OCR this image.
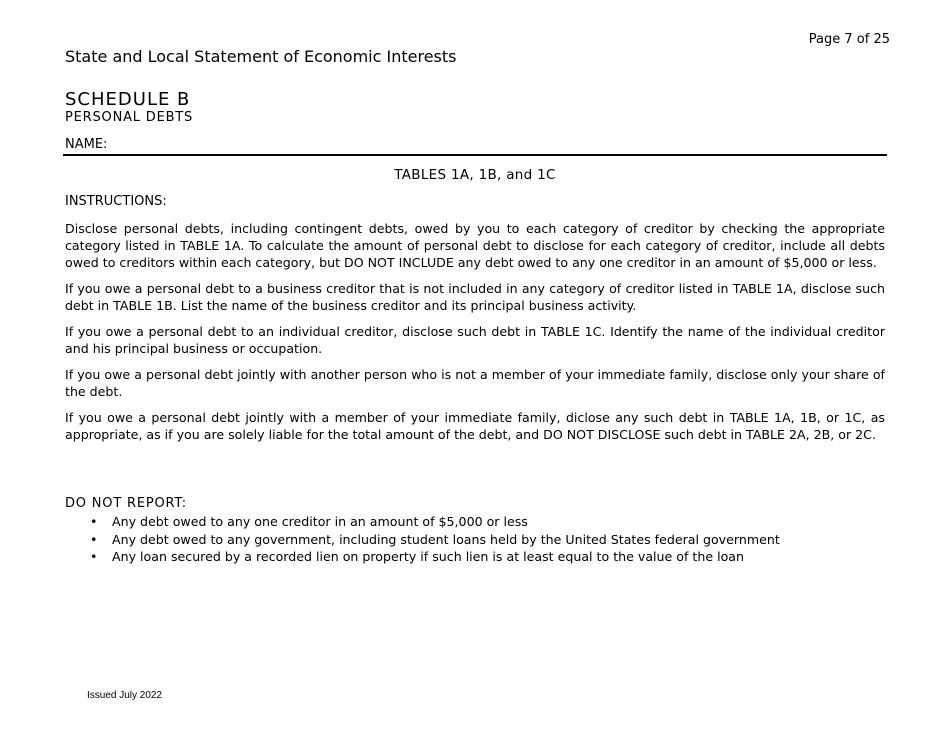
Page 7 of 25
State and Local Statement of Economic Interests
SCHEDULE B
PERSONAL DEBTS
NAME:
TABLES 1A, 1B, and 1C
INSTRUCTIONS:

Disclose personal debts, including contingent debts, owed by you to each category of creditor by checking the appropriate category listed in TABLE 1A. To calculate the amount of personal debt to disclose for each category of creditor, include all debts owed to creditors within each category, but DO NOT INCLUDE any debt owed to any one creditor in an amount of $5,000 or less.

If you owe a personal debt to a business creditor that is not included in any category of creditor listed in TABLE 1A, disclose such debt in TABLE 1B. List the name of the business creditor and its principal business activity.

If you owe a personal debt to an individual creditor, disclose such debt in TABLE 1C. Identify the name of the individual creditor and his principal business or occupation.

If you owe a personal debt jointly with another person who is not a member of your immediate family, disclose only your share of the debt.

If you owe a personal debt jointly with a member of your immediate family, diclose any such debt in TABLE 1A, 1B, or 1C, as appropriate, as if you are solely liable for the total amount of the debt, and DO NOT DISCLOSE such debt in TABLE 2A, 2B, or 2C.

DO NOT REPORT:
• Any debt owed to any one creditor in an amount of $5,000 or less
• Any debt owed to any government, including student loans held by the United States federal government
• Any loan secured by a recorded lien on property if such lien is at least equal to the value of the loan
Issued July 2022
